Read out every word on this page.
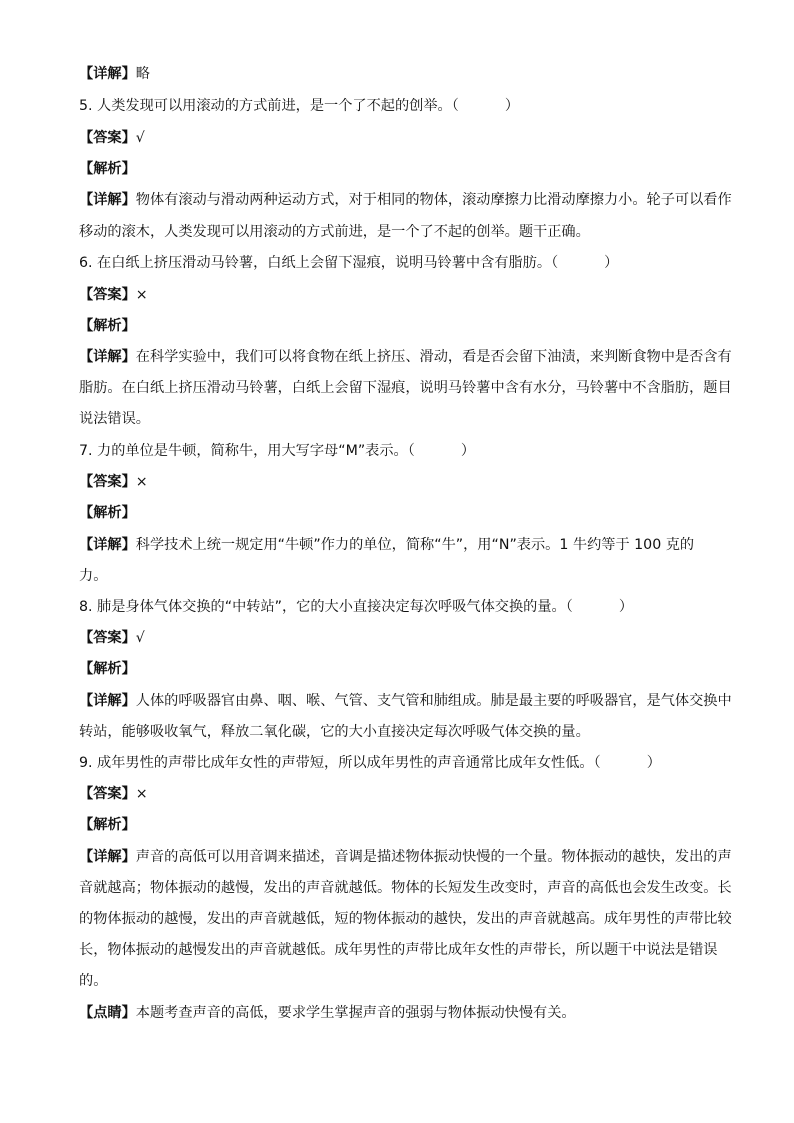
【详解】略
5. 人类发现可以用滚动的方式前进，是一个了不起的创举。（	）
【答案】√
【解析】
【详解】物体有滚动与滑动两种运动方式，对于相同的物体，滚动摩擦力比滑动摩擦力小。轮子可以看作
移动的滚木，人类发现可以用滚动的方式前进，是一个了不起的创举。题干正确。
6. 在白纸上挤压滑动马铃薯，白纸上会留下湿痕，说明马铃薯中含有脂肪。（	）
【答案】×
【解析】
【详解】在科学实验中，我们可以将食物在纸上挤压、滑动，看是否会留下油渍，来判断食物中是否含有
脂肪。在白纸上挤压滑动马铃薯，白纸上会留下湿痕，说明马铃薯中含有水分，马铃薯中不含脂肪，题目
说法错误。
7. 力的单位是牛顿，简称牛，用大写字母“M”表示。（	）
【答案】×
【解析】
【详解】科学技术上统一规定用“牛顿”作力的单位，简称“牛”，用“N”表示。1 牛约等于 100 克的
力。
8. 肺是身体气体交换的“中转站”，它的大小直接决定每次呼吸气体交换的量。（	）
【答案】√
【解析】
【详解】人体的呼吸器官由鼻、咽、喉、气管、支气管和肺组成。肺是最主要的呼吸器官，是气体交换中
转站，能够吸收氧气，释放二氧化碳，它的大小直接决定每次呼吸气体交换的量。
9. 成年男性的声带比成年女性的声带短，所以成年男性的声音通常比成年女性低。（	）
【答案】×
【解析】
【详解】声音的高低可以用音调来描述，音调是描述物体振动快慢的一个量。物体振动的越快，发出的声
音就越高；物体振动的越慢，发出的声音就越低。物体的长短发生改变时，声音的高低也会发生改变。长
的物体振动的越慢，发出的声音就越低，短的物体振动的越快，发出的声音就越高。成年男性的声带比较
长，物体振动的越慢发出的声音就越低。成年男性的声带比成年女性的声带长，所以题干中说法是错误
的。
【点睛】本题考查声音的高低，要求学生掌握声音的强弱与物体振动快慢有关。
